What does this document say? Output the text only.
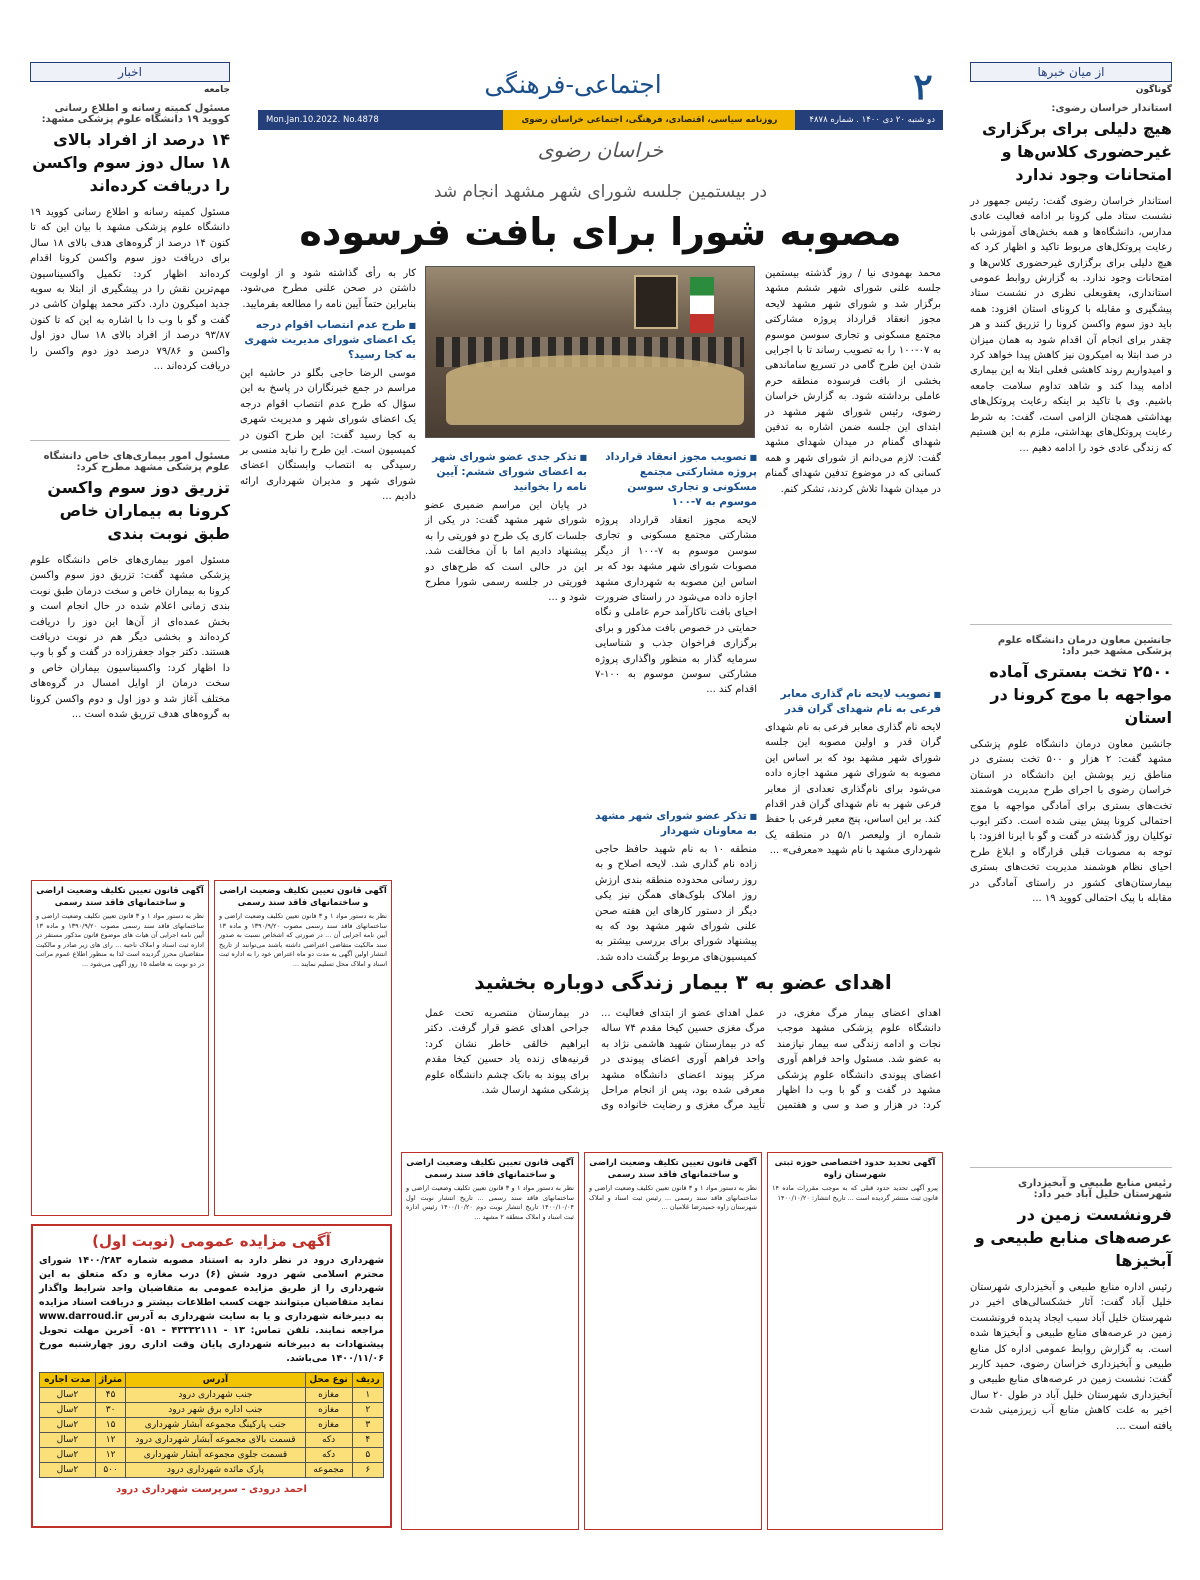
۲
اجتماعی-فرهنگی
دو شنبه ۲۰ دی ۱۴۰۰ . شماره ۴۸۷۸
روزنامه سیاسی، اقتصادی، فرهنگی، اجتماعی خراسان رضوی
Mon.Jan.10.2022. No.4878
خراسان رضوی
از میان خبرها
گوناگون
استاندار خراسان رضوی:
هیچ دلیلی برای برگزاری غیرحضوری کلاس‌ها و امتحانات وجود ندارد
استاندار خراسان رضوی گفت: رئیس جمهور در نشست ستاد ملی کرونا بر ادامه فعالیت عادی مدارس، دانشگاه‌ها و همه بخش‌های آموزشی با رعایت پروتکل‌های مربوط تاکید و اظهار کرد که هیچ دلیلی برای برگزاری غیرحضوری کلاس‌ها و امتحانات وجود ندارد. به گزارش روابط عمومی استانداری، یعقوبعلی نظری در نشست ستاد پیشگیری و مقابله با کرونای استان افزود: همه باید دوز سوم واکسن کرونا را تزریق کنند و هر چقدر برای انجام آن اقدام شود به همان میزان در صد ابتلا به امیکرون نیز کاهش پیدا خواهد کرد و امیدواریم روند کاهشی فعلی ابتلا به این بیماری ادامه پیدا کند و شاهد تداوم سلامت جامعه باشیم. وی با تاکید بر اینکه رعایت پروتکل‌های بهداشتی همچنان الزامی است، گفت: به شرط رعایت پروتکل‌های بهداشتی، ملزم به این هستیم که زندگی عادی خود را ادامه دهیم ...
جانشین معاون درمان دانشگاه علوم پزشکی مشهد خبر داد:
۲۵۰۰ تخت بستری آماده مواجهه با موج کرونا در استان
جانشین معاون درمان دانشگاه علوم پزشکی مشهد گفت: ۲ هزار و ۵۰۰ تخت بستری در مناطق زیر پوشش این دانشگاه در استان خراسان رضوی با اجرای طرح مدیریت هوشمند تخت‌های بستری برای آمادگی مواجهه با موج احتمالی کرونا پیش بینی شده است. دکتر ایوب توکلیان روز گذشته در گفت و گو با ایرنا افزود: با توجه به مصوبات قبلی قرارگاه و ابلاغ طرح احیای نظام هوشمند مدیریت تخت‌های بستری بیمارستان‌های کشور در راستای آمادگی در مقابله با پیک احتمالی کووید ۱۹ ...
رئیس منابع طبیعی و آبخیزداری شهرستان خلیل آباد خبر داد:
فرونشست زمین در عرصه‌های منابع طبیعی و آبخیزها
رئیس اداره منابع طبیعی و آبخیزداری شهرستان خلیل آباد گفت: آثار خشکسالی‌های اخیر در شهرستان خلیل آباد سبب ایجاد پدیده فرونشست زمین در عرصه‌های منابع طبیعی و آبخیزها شده است. به گزارش روابط عمومی اداره کل منابع طبیعی و آبخیزداری خراسان رضوی، حمید کاربر گفت: نشست زمین در عرصه‌های منابع طبیعی و آبخیزداری شهرستان خلیل آباد در طول ۲۰ سال اخیر به علت کاهش منابع آب زیرزمینی شدت یافته است ...
اخبار
جامعه
مسئول کمیته رسانه و اطلاع رسانی کووید ۱۹ دانشگاه علوم پزشکی مشهد:
۱۴ درصد از افراد بالای ۱۸ سال دوز سوم واکسن را دریافت کرده‌اند
مسئول کمیته رسانه و اطلاع رسانی کووید ۱۹ دانشگاه علوم پزشکی مشهد با بیان این که تا کنون ۱۴ درصد از گروه‌های هدف بالای ۱۸ سال برای دریافت دوز سوم واکسن کرونا اقدام کرده‌اند اظهار کرد: تکمیل واکسیناسیون مهم‌ترین نقش را در پیشگیری از ابتلا به سویه جدید امیکرون دارد. دکتر محمد پهلوان کاشی در گفت و گو با وب دا با اشاره به این که تا کنون ۹۳/۸۷ درصد از افراد بالای ۱۸ سال دوز اول واکسن و ۷۹/۸۶ درصد دوز دوم واکسن را دریافت کرده‌اند ...
مسئول امور بیماری‌های خاص دانشگاه علوم پزشکی مشهد مطرح کرد:
تزریق دوز سوم واکسن کرونا به بیماران خاص طبق نوبت بندی
مسئول امور بیماری‌های خاص دانشگاه علوم پزشکی مشهد گفت: تزریق دوز سوم واکسن کرونا به بیماران خاص و سخت درمان طبق نوبت بندی زمانی اعلام شده در حال انجام است و بخش عمده‌ای از آن‌ها این دوز را دریافت کرده‌اند و بخشی دیگر هم در نوبت دریافت هستند. دکتر جواد جعفرزاده در گفت و گو با وب دا اظهار کرد: واکسیناسیون بیماران خاص و سخت درمان از اوایل امسال در گروه‌های مختلف آغاز شد و دوز اول و دوم واکسن کرونا به گروه‌های هدف تزریق شده است ...
در بیستمین جلسه شورای شهر مشهد انجام شد
مصوبه شورا برای بافت فرسوده
محمد بهمودی نیا / روز گذشته بیستمین جلسه علنی شورای شهر ششم مشهد برگزار شد و شورای شهر مشهد لایحه مجوز انعقاد قرارداد پروژه مشارکتی مجتمع مسکونی و تجاری سوسن موسوم به ۰۷-۱۰۰ را به تصویب رساند تا با اجرایی شدن این طرح گامی در تسریع ساماندهی بخشی از بافت فرسوده منطقه حرم عاملی برداشته شود. به گزارش خراسان رضوی، رئیس شورای شهر مشهد در ابتدای این جلسه ضمن اشاره به تدفین شهدای گمنام در میدان شهدای مشهد گفت: لازم می‌دانم از شورای شهر و همه کسانی که در موضوع تدفین شهدای گمنام در میدان شهدا تلاش کردند، تشکر کنم.
■ تصویب لایحه نام گذاری معابر فرعی به نام شهدای گران قدر
لایحه نام گذاری معابر فرعی به نام شهدای گران قدر و اولین مصوبه این جلسه شورای شهر مشهد بود که بر اساس این مصوبه به شورای شهر مشهد اجازه داده می‌شود برای نام‌گذاری تعدادی از معابر فرعی شهر به نام شهدای گران قدر اقدام کند. بر این اساس، پنج معبر فرعی با حفظ شماره از ولیعصر ۵/۱ در منطقه یک شهرداری مشهد با نام شهید «معرفی» ...
■ تصویب مجوز انعقاد قرارداد پروژه مشارکتی مجتمع مسکونی و تجاری سوسن موسوم به ۷-۱۰۰
لایحه مجوز انعقاد قرارداد پروژه مشارکتی مجتمع مسکونی و تجاری سوسن موسوم به ۷-۱۰۰ از دیگر مصوبات شورای شهر مشهد بود که بر اساس این مصوبه به شهرداری مشهد اجازه داده می‌شود در راستای ضرورت احیای بافت ناکارآمد حرم عاملی و نگاه حمایتی در خصوص بافت مذکور و برای برگزاری فراخوان جذب و شناسایی سرمایه گذار به منظور واگذاری پروژه مشارکتی سوسن موسوم به ۱۰۰-۷ اقدام کند ...
■ تذکر عضو شورای شهر مشهد به معاونان شهردار
منطقه ۱۰ به نام شهید حافظ حاجی زاده نام گذاری شد. لایحه اصلاح و به روز رسانی محدوده منطقه بندی ارزش روز املاک بلوک‌های همگن نیز یکی دیگر از دستور کارهای این هفته صحن علنی شورای شهر مشهد بود که به پیشنهاد شورای برای بررسی بیشتر به کمیسیون‌های مربوط برگشت داده شد.
■ تذکر جدی عضو شورای شهر به اعضای شورای ششم: آیین نامه را بخوانید
در پایان این مراسم ضمیری عضو شورای شهر مشهد گفت: در یکی از جلسات کاری یک طرح دو فوریتی را به پیشنهاد دادیم اما با آن مخالفت شد. این در حالی است که طرح‌های دو فوریتی در جلسه رسمی شورا مطرح شود و ...
کار به رأی گذاشته شود و از اولویت داشتن در صحن علنی مطرح می‌شود. بنابراین حتماً آیین نامه را مطالعه بفرمایید.
■ طرح عدم انتصاب اقوام درجه یک اعضای شورای مدیریت شهری به کجا رسید؟
موسی الرضا حاجی بگلو در حاشیه این مراسم در جمع خبرنگاران در پاسخ به این سؤال که طرح عدم انتصاب اقوام درجه یک اعضای شورای شهر و مدیریت شهری به کجا رسید گفت: این طرح اکنون در کمیسیون است. این طرح را نباید منسی بر رسیدگی به انتصاب وابستگان اعضای شورای شهر و مدیران شهرداری ارائه دادیم ...
اهدای عضو به ۳ بیمار زندگی دوباره بخشید
اهدای اعضای بیمار مرگ مغزی، در دانشگاه علوم پزشکی مشهد موجب نجات و ادامه زندگی سه بیمار نیازمند به عضو شد. مسئول واحد فراهم آوری اعضای پیوندی دانشگاه علوم پزشکی مشهد در گفت و گو با وب دا اظهار کرد: در هزار و صد و سی و هفتمین عمل اهدای عضو از ابتدای فعالیت ... مرگ مغزی حسین کیخا مقدم ۷۴ ساله که در بیمارستان شهید هاشمی نژاد به واحد فراهم آوری اعضای پیوندی در مرکز پیوند اعضای دانشگاه مشهد معرفی شده بود، پس از انجام مراحل تأیید مرگ مغزی و رضایت خانواده وی در بیمارستان منتصریه تحت عمل جراحی اهدای عضو قرار گرفت. دکتر ابراهیم خالقی خاطر نشان کرد: قرنیه‌های زنده یاد حسین کیخا مقدم برای پیوند به بانک چشم دانشگاه علوم پزشکی مشهد ارسال شد.
آگهی قانون تعیین تکلیف وضعیت اراضی و ساختمانهای فاقد سند رسمی
نظر به دستور مواد ۱ و ۳ قانون تعیین تکلیف وضعیت اراضی و ساختمانهای فاقد سند رسمی مصوب ۱۳۹۰/۹/۲۰ و ماده ۱۳ آیین نامه اجرایی آن هیات های موضوع قانون مذکور مستقر در اداره ثبت اسناد و املاک ناحیه ... رای های زیر صادر و مالکیت متقاضیان محرز گردیده است لذا به منظور اطلاع عموم مراتب در دو نوبت به فاصله ۱۵ روز آگهی می‌شود ...
آگهی قانون تعیین تکلیف وضعیت اراضی و ساختمانهای فاقد سند رسمی
نظر به دستور مواد ۱ و ۳ قانون تعیین تکلیف وضعیت اراضی و ساختمانهای فاقد سند رسمی مصوب ۱۳۹۰/۹/۲۰ و ماده ۱۳ آیین نامه اجرایی آن ... در صورتی که اشخاص نسبت به صدور سند مالکیت متقاضی اعتراضی داشته باشند می‌توانند از تاریخ انتشار اولین آگهی به مدت دو ماه اعتراض خود را به اداره ثبت اسناد و املاک محل تسلیم نمایند ...
آگهی قانون تعیین تکلیف وضعیت اراضی و ساختمانهای فاقد سند رسمی
نظر به دستور مواد ۱ و ۳ قانون تعیین تکلیف وضعیت اراضی و ساختمانهای فاقد سند رسمی ... تاریخ انتشار نوبت اول ۱۴۰۰/۱۰/۰۴ تاریخ انتشار نوبت دوم ۱۴۰۰/۱۰/۲۰ رئیس اداره ثبت اسناد و املاک منطقه ۲ مشهد ...
آگهی قانون تعیین تکلیف وضعیت اراضی و ساختمانهای فاقد سند رسمی
نظر به دستور مواد ۱ و ۳ قانون تعیین تکلیف وضعیت اراضی و ساختمانهای فاقد سند رسمی ... رئیس ثبت اسناد و املاک شهرستان زاوه حمیدرضا غلامیان ...
آگهی تحدید حدود اختصاصی حوزه ثبتی شهرستان زاوه
پیرو آگهی تحدید حدود قبلی که به موجب مقررات ماده ۱۴ قانون ثبت منتشر گردیده است ... تاریخ انتشار: ۱۴۰۰/۱۰/۲۰
آگهی مزایده عمومی (نوبت اول)
شهرداری درود در نظر دارد به استناد مصوبه شماره ۱۴۰۰/۲۸۳ شورای محترم اسلامی شهر درود شش (۶) درب مغازه و دکه متعلق به این شهرداری را از طریق مزایده عمومی به متقاضیان واجد شرایط واگذار نماید متقاضیان میتوانند جهت کسب اطلاعات بیشتر و دریافت اسناد مزایده به دبیرخانه شهرداری و یا به سایت شهرداری به آدرس www.darroud.ir مراجعه نمایند. تلفن تماس: ۱۳ - ۴۳۳۳۲۱۱۱ - ۰۵۱ آخرین مهلت تحویل پیشنهادات به دبیرخانه شهرداری پایان وقت اداری روز چهارشنبه مورخ ۱۴۰۰/۱۱/۰۶ می‌باشد.
ردیف	نوع محل	آدرس	متراژ	مدت اجاره
۱	مغازه	جنب شهرداری درود	۴۵	۲سال
۲	مغازه	جنب اداره برق شهر درود	۳۰	۲سال
۳	مغازه	جنب پارکینگ مجموعه آبشار شهرداری	۱۵	۲سال
۴	دکه	قسمت بالای مجموعه آبشار شهرداری درود	۱۲	۲سال
۵	دکه	قسمت جلوی مجموعه آبشار شهرداری	۱۲	۲سال
۶	مجموعه	پارک مائده شهرداری درود	۵۰۰	۲سال
احمد درودی - سرپرست شهرداری درود
